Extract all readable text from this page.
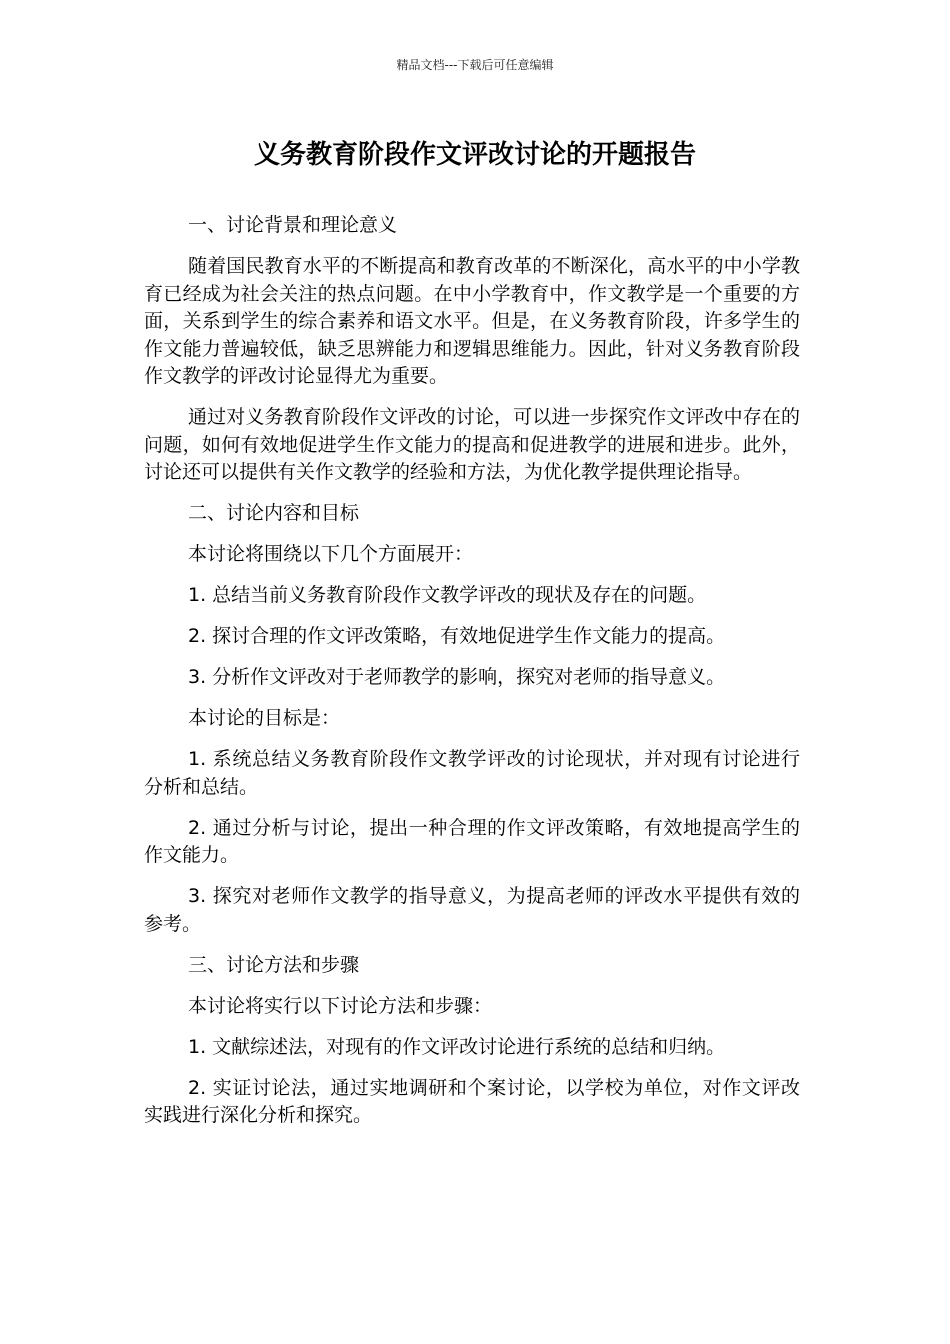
精品文档---下载后可任意编辑
义务教育阶段作文评改讨论的开题报告

一、讨论背景和理论意义

随着国民教育水平的不断提高和教育改革的不断深化，高水平的中小学教育已经成为社会关注的热点问题。在中小学教育中，作文教学是一个重要的方面，关系到学生的综合素养和语文水平。但是，在义务教育阶段，许多学生的作文能力普遍较低，缺乏思辨能力和逻辑思维能力。因此，针对义务教育阶段作文教学的评改讨论显得尤为重要。

通过对义务教育阶段作文评改的讨论，可以进一步探究作文评改中存在的问题，如何有效地促进学生作文能力的提高和促进教学的进展和进步。此外，讨论还可以提供有关作文教学的经验和方法，为优化教学提供理论指导。

二、讨论内容和目标

本讨论将围绕以下几个方面展开：

1. 总结当前义务教育阶段作文教学评改的现状及存在的问题。

2. 探讨合理的作文评改策略，有效地促进学生作文能力的提高。

3. 分析作文评改对于老师教学的影响，探究对老师的指导意义。

本讨论的目标是：

1. 系统总结义务教育阶段作文教学评改的讨论现状，并对现有讨论进行分析和总结。

2. 通过分析与讨论，提出一种合理的作文评改策略，有效地提高学生的作文能力。

3. 探究对老师作文教学的指导意义，为提高老师的评改水平提供有效的参考。

三、讨论方法和步骤

本讨论将实行以下讨论方法和步骤：

1. 文献综述法，对现有的作文评改讨论进行系统的总结和归纳。

2. 实证讨论法，通过实地调研和个案讨论，以学校为单位，对作文评改实践进行深化分析和探究。
